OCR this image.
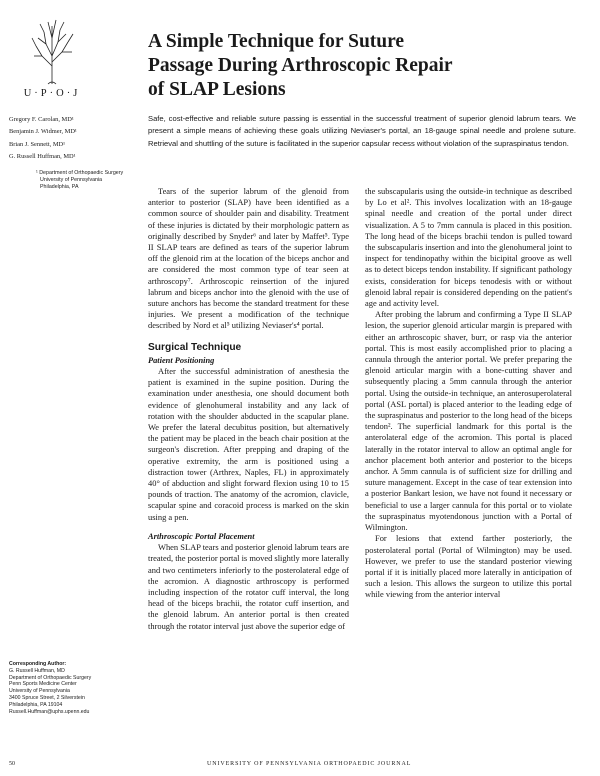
U·P·O·J
A Simple Technique for Suture
Passage During Arthroscopic Repair
of SLAP Lesions
Safe, cost-effective and reliable suture passing is essential in the successful treatment of superior glenoid labrum tears. We present a simple means of achieving these goals utilizing Neviaser's portal, an 18-gauge spinal needle and prolene suture. Retrieval and shuttling of the suture is facilitated in the superior capsular recess without violation of the supraspinatus tendon.
Gregory F. Carolan, MD¹
Benjamin J. Widmer, MD¹
Brian J. Sennett, MD¹
G. Russell Huffman, MD¹
¹ Department of Orthopaedic Surgery
University of Pennsylvania
Philadelphia, PA
Corresponding Author:
G. Russell Huffman, MD
Department of Orthopaedic Surgery
Penn Sports Medicine Center
University of Pennsylvania
3400 Spruce Street, 2 Silverstein
Philadelphia, PA 19104
Russell.Huffman@uphs.upenn.edu

Tears of the superior labrum of the glenoid from anterior to posterior (SLAP) have been identified as a common source of shoulder pain and disability. Treatment of these injuries is dictated by their morphologic pattern as originally described by Snyder⁶ and later by Maffet⁵. Type II SLAP tears are defined as tears of the superior labrum off the glenoid rim at the location of the biceps anchor and are considered the most common type of tear seen at arthroscopy⁷. Arthroscopic reinsertion of the injured labrum and biceps anchor into the glenoid with the use of suture anchors has become the standard treatment for these injuries. We present a modification of the technique described by Nord et al⁵ utilizing Neviaser's⁴ portal.

Surgical Technique
Patient Positioning

After the successful administration of anesthesia the patient is examined in the supine position. During the examination under anesthesia, one should document both evidence of glenohumeral instability and any lack of rotation with the shoulder abducted in the scapular plane. We prefer the lateral decubitus position, but alternatively the patient may be placed in the beach chair position at the surgeon's discretion. After prepping and draping of the operative extremity, the arm is positioned using a distraction tower (Arthrex, Naples, FL) in approximately 40° of abduction and slight forward flexion using 10 to 15 pounds of traction. The anatomy of the acromion, clavicle, scapular spine and coracoid process is marked on the skin using a pen.

Arthroscopic Portal Placement

When SLAP tears and posterior glenoid labrum tears are treated, the posterior portal is moved slightly more laterally and two centimeters inferiorly to the posterolateral edge of the acromion. A diagnostic arthroscopy is performed including inspection of the rotator cuff interval, the long head of the biceps brachii, the rotator cuff insertion, and the glenoid labrum. An anterior portal is then created through the rotator interval just above the superior edge of

the subscapularis using the outside-in technique as described by Lo et al². This involves localization with an 18-gauge spinal needle and creation of the portal under direct visualization. A 5 to 7mm cannula is placed in this position. The long head of the biceps brachii tendon is pulled toward the subscapularis insertion and into the glenohumeral joint to inspect for tendinopathy within the bicipital groove as well as to detect biceps tendon instability. If significant pathology exists, consideration for biceps tenodesis with or without glenoid labral repair is considered depending on the patient's age and activity level.

After probing the labrum and confirming a Type II SLAP lesion, the superior glenoid articular margin is prepared with either an arthroscopic shaver, burr, or rasp via the anterior portal. This is most easily accomplished prior to placing a cannula through the anterior portal. We prefer preparing the glenoid articular margin with a bone-cutting shaver and subsequently placing a 5mm cannula through the anterior portal. Using the outside-in technique, an anterosuperolateral portal (ASL portal) is placed anterior to the leading edge of the supraspinatus and posterior to the long head of the biceps tendon². The superficial landmark for this portal is the anterolateral edge of the acromion. This portal is placed laterally in the rotator interval to allow an optimal angle for anchor placement both anterior and posterior to the biceps anchor. A 5mm cannula is of sufficient size for drilling and suture management. Except in the case of tear extension into a posterior Bankart lesion, we have not found it necessary or beneficial to use a larger cannula for this portal or to violate the supraspinatus myotendonous junction with a Portal of Wilmington.

For lesions that extend farther posteriorly, the posterolateral portal (Portal of Wilmington) may be used. However, we prefer to use the standard posterior viewing portal if it is initially placed more laterally in anticipation of such a lesion. This allows the surgeon to utilize this portal while viewing from the anterior interval

50	UNIVERSITY OF PENNSYLVANIA ORTHOPAEDIC JOURNAL
